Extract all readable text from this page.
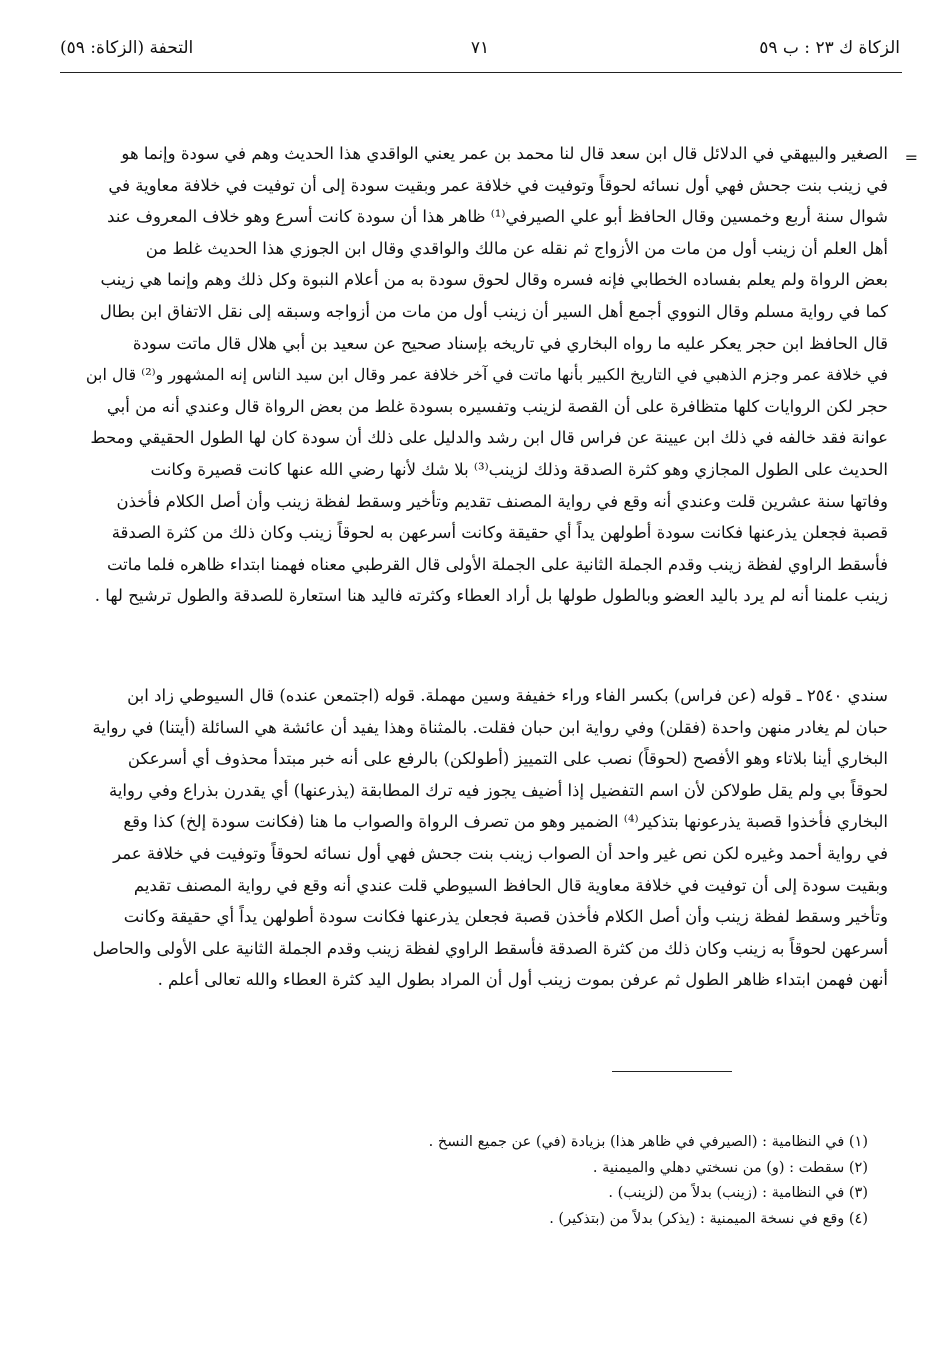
الزكاة ك ٢٣ : ب ٥٩
٧١
التحفة (الزكاة: ٥٩)
=
الصغير والبيهقي في الدلائل قال ابن سعد قال لنا محمد بن عمر يعني الواقدي هذا الحديث وهم في سودة وإنما هو
في زينب بنت جحش فهي أول نسائه لحوقاً وتوفيت في خلافة عمر وبقيت سودة إلى أن توفيت في خلافة معاوية في
شوال سنة أربع وخمسين وقال الحافظ أبو علي الصيرفي⁽¹⁾ ظاهر هذا أن سودة كانت أسرع وهو خلاف المعروف عند
أهل العلم أن زينب أول من مات من الأزواج ثم نقله عن مالك والواقدي وقال ابن الجوزي هذا الحديث غلط من
بعض الرواة ولم يعلم بفساده الخطابي فإنه فسره وقال لحوق سودة به من أعلام النبوة وكل ذلك وهم وإنما هي زينب
كما في رواية مسلم وقال النووي أجمع أهل السير أن زينب أول من مات من أزواجه وسبقه إلى نقل الاتفاق ابن بطال
قال الحافظ ابن حجر يعكر عليه ما رواه البخاري في تاريخه بإسناد صحيح عن سعيد بن أبي هلال قال ماتت سودة
في خلافة عمر وجزم الذهبي في التاريخ الكبير بأنها ماتت في آخر خلافة عمر وقال ابن سيد الناس إنه المشهور و⁽²⁾ قال ابن
حجر لكن الروايات كلها متظافرة على أن القصة لزينب وتفسيره بسودة غلط من بعض الرواة قال وعندي أنه من أبي
عوانة فقد خالفه في ذلك ابن عيينة عن فراس قال ابن رشد والدليل على ذلك أن سودة كان لها الطول الحقيقي ومحط
الحديث على الطول المجازي وهو كثرة الصدقة وذلك لزينب⁽³⁾ بلا شك لأنها رضي الله عنها كانت قصيرة وكانت
وفاتها سنة عشرين قلت وعندي أنه وقع في رواية المصنف تقديم وتأخير وسقط لفظة زينب وأن أصل الكلام فأخذن
قصبة فجعلن يذرعنها فكانت سودة أطولهن يداً أي حقيقة وكانت أسرعهن به لحوقاً زينب وكان ذلك من كثرة الصدقة
فأسقط الراوي لفظة زينب وقدم الجملة الثانية على الجملة الأولى قال القرطبي معناه فهمنا ابتداء ظاهره فلما ماتت
زينب علمنا أنه لم يرد باليد العضو وبالطول طولها بل أراد العطاء وكثرته فاليد هنا استعارة للصدقة والطول ترشيح لها .
سندي ٢٥٤٠ ـ قوله (عن فراس) بكسر الفاء وراء خفيفة وسين مهملة. قوله (اجتمعن عنده) قال السيوطي زاد ابن
حبان لم يغادر منهن واحدة (فقلن) وفي رواية ابن حبان فقلت. بالمثناة وهذا يفيد أن عائشة هي السائلة (أيتنا) في رواية
البخاري أينا بلاتاء وهو الأفصح (لحوقاً) نصب على التمييز (أطولكن) بالرفع على أنه خبر مبتدأ محذوف أي أسرعكن
لحوقاً بي ولم يقل طولاكن لأن اسم التفضيل إذا أضيف يجوز فيه ترك المطابقة (يذرعنها) أي يقدرن بذراع وفي رواية
البخاري فأخذوا قصبة يذرعونها بتذكير⁽⁴⁾ الضمير وهو من تصرف الرواة والصواب ما هنا (فكانت سودة إلخ) كذا وقع
في رواية أحمد وغيره لكن نص غير واحد أن الصواب زينب بنت جحش فهي أول نسائه لحوقاً وتوفيت في خلافة عمر
وبقيت سودة إلى أن توفيت في خلافة معاوية قال الحافظ السيوطي قلت عندي أنه وقع في رواية المصنف تقديم
وتأخير وسقط لفظة زينب وأن أصل الكلام فأخذن قصبة فجعلن يذرعنها فكانت سودة أطولهن يداً أي حقيقة وكانت
أسرعهن لحوقاً به زينب وكان ذلك من كثرة الصدقة فأسقط الراوي لفظة زينب وقدم الجملة الثانية على الأولى والحاصل
أنهن فهمن ابتداء ظاهر الطول ثم عرفن بموت زينب أول أن المراد بطول اليد كثرة العطاء والله تعالى أعلم .
(١) في النظامية : (الصيرفي في ظاهر هذا) بزيادة (في) عن جميع النسخ .
(٢) سقطت : (و) من نسختي دهلي والميمنية .
(٣) في النظامية : (زينب) بدلاً من (لزينب) .
(٤) وقع في نسخة الميمنية : (يذكر) بدلاً من (بتذكير) .
